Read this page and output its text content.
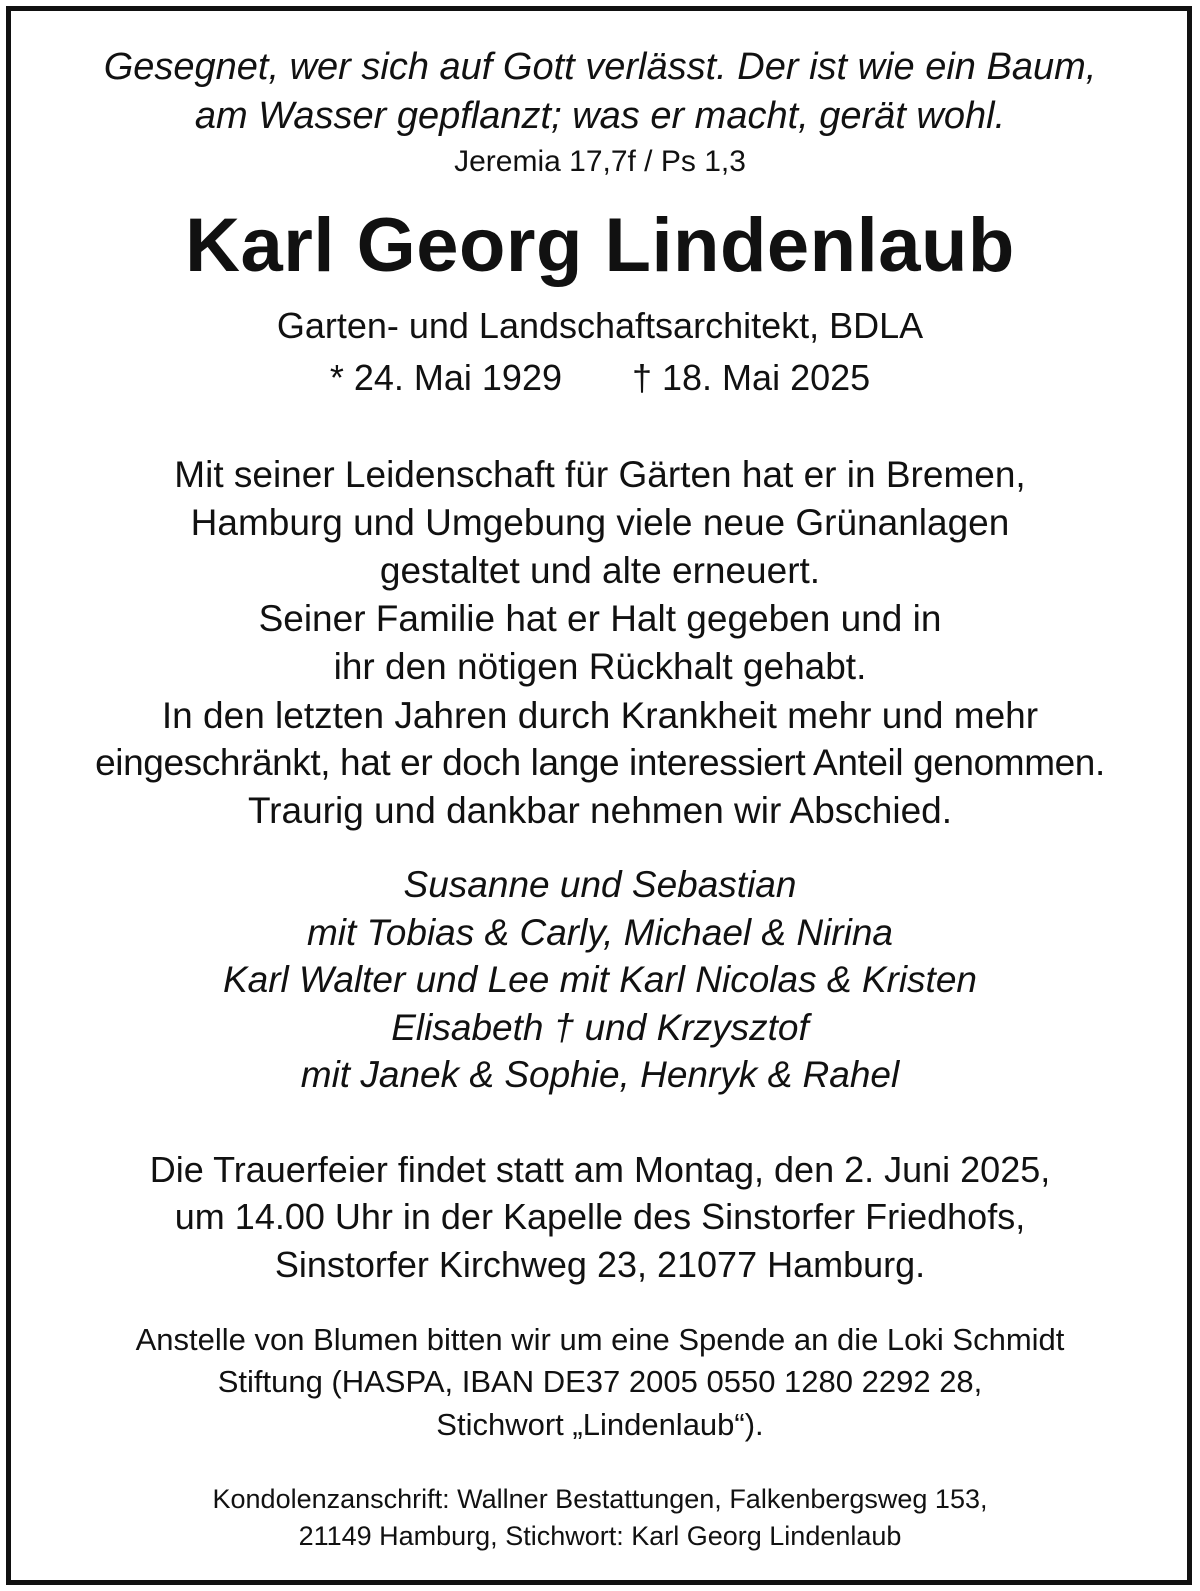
Gesegnet, wer sich auf Gott verlässt. Der ist wie ein Baum,
am Wasser gepflanzt; was er macht, gerät wohl.
Jeremia 17,7f / Ps 1,3
Karl Georg Lindenlaub
Garten- und Landschaftsarchitekt, BDLA
* 24. Mai 1929 † 18. Mai 2025
Mit seiner Leidenschaft für Gärten hat er in Bremen,
Hamburg und Umgebung viele neue Grünanlagen
gestaltet und alte erneuert.
Seiner Familie hat er Halt gegeben und in
ihr den nötigen Rückhalt gehabt.
In den letzten Jahren durch Krankheit mehr und mehr
eingeschränkt, hat er doch lange interessiert Anteil genommen.
Traurig und dankbar nehmen wir Abschied.
Susanne und Sebastian
mit Tobias & Carly, Michael & Nirina
Karl Walter und Lee mit Karl Nicolas & Kristen
Elisabeth † und Krzysztof
mit Janek & Sophie, Henryk & Rahel
Die Trauerfeier findet statt am Montag, den 2. Juni 2025,
um 14.00 Uhr in der Kapelle des Sinstorfer Friedhofs,
Sinstorfer Kirchweg 23, 21077 Hamburg.
Anstelle von Blumen bitten wir um eine Spende an die Loki Schmidt
Stiftung (HASPA, IBAN DE37 2005 0550 1280 2292 28,
Stichwort „Lindenlaub“).
Kondolenzanschrift: Wallner Bestattungen, Falkenbergsweg 153,
21149 Hamburg, Stichwort: Karl Georg Lindenlaub
